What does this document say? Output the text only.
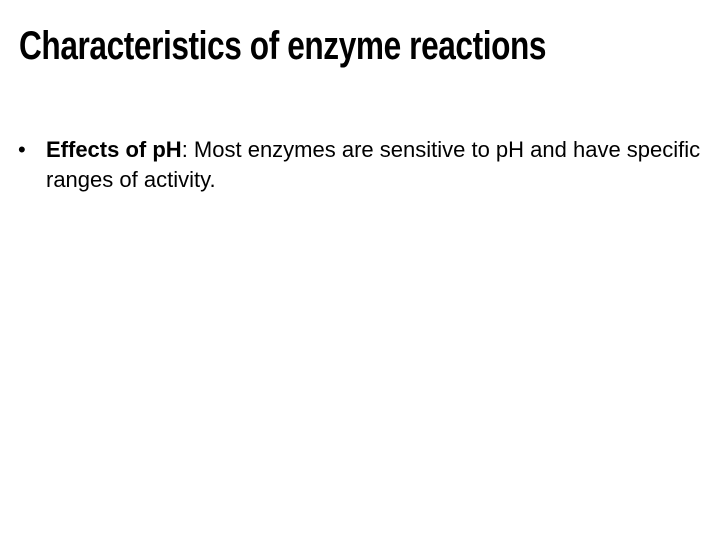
Characteristics of enzyme reactions
• Effects of pH: Most enzymes are sensitive to pH and have specific ranges of activity.
